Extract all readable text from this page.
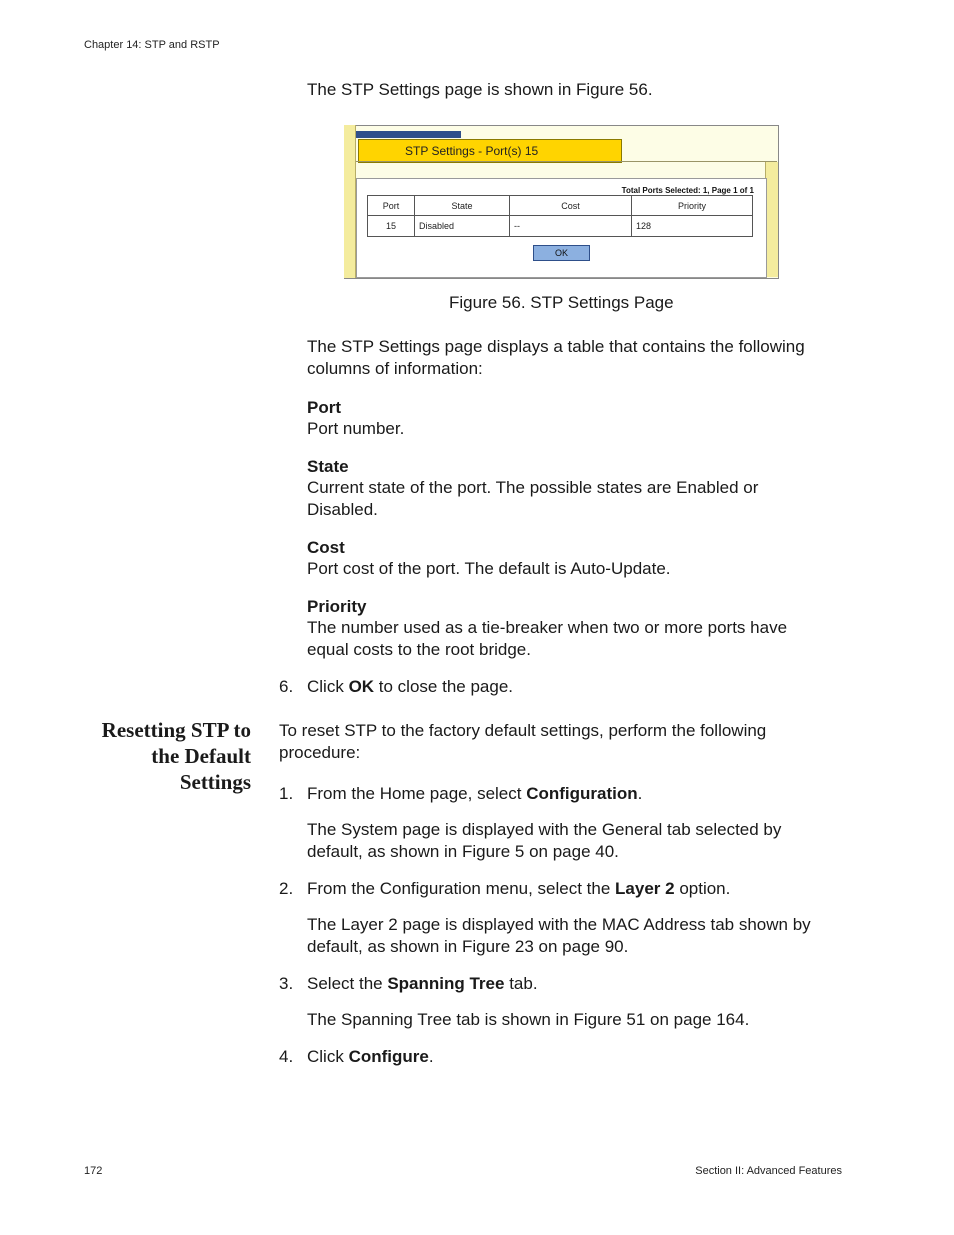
Chapter 14: STP and RSTP
The STP Settings page is shown in Figure 56.
STP Settings - Port(s) 15
Total Ports Selected: 1, Page 1 of 1
Port	State	Cost	Priority
15	Disabled	--	128
OK
Figure 56. STP Settings Page
The STP Settings page displays a table that contains the following
columns of information:
Port
Port number.
State
Current state of the port. The possible states are Enabled or
Disabled.
Cost
Port cost of the port. The default is Auto-Update.
Priority
The number used as a tie-breaker when two or more ports have
equal costs to the root bridge.
6. Click OK to close the page.
Resetting STP to
the Default
Settings
To reset STP to the factory default settings, perform the following
procedure:
1. From the Home page, select Configuration.
The System page is displayed with the General tab selected by
default, as shown in Figure 5 on page 40.
2. From the Configuration menu, select the Layer 2 option.
The Layer 2 page is displayed with the MAC Address tab shown by
default, as shown in Figure 23 on page 90.
3. Select the Spanning Tree tab.
The Spanning Tree tab is shown in Figure 51 on page 164.
4. Click Configure.
172	Section II: Advanced Features
